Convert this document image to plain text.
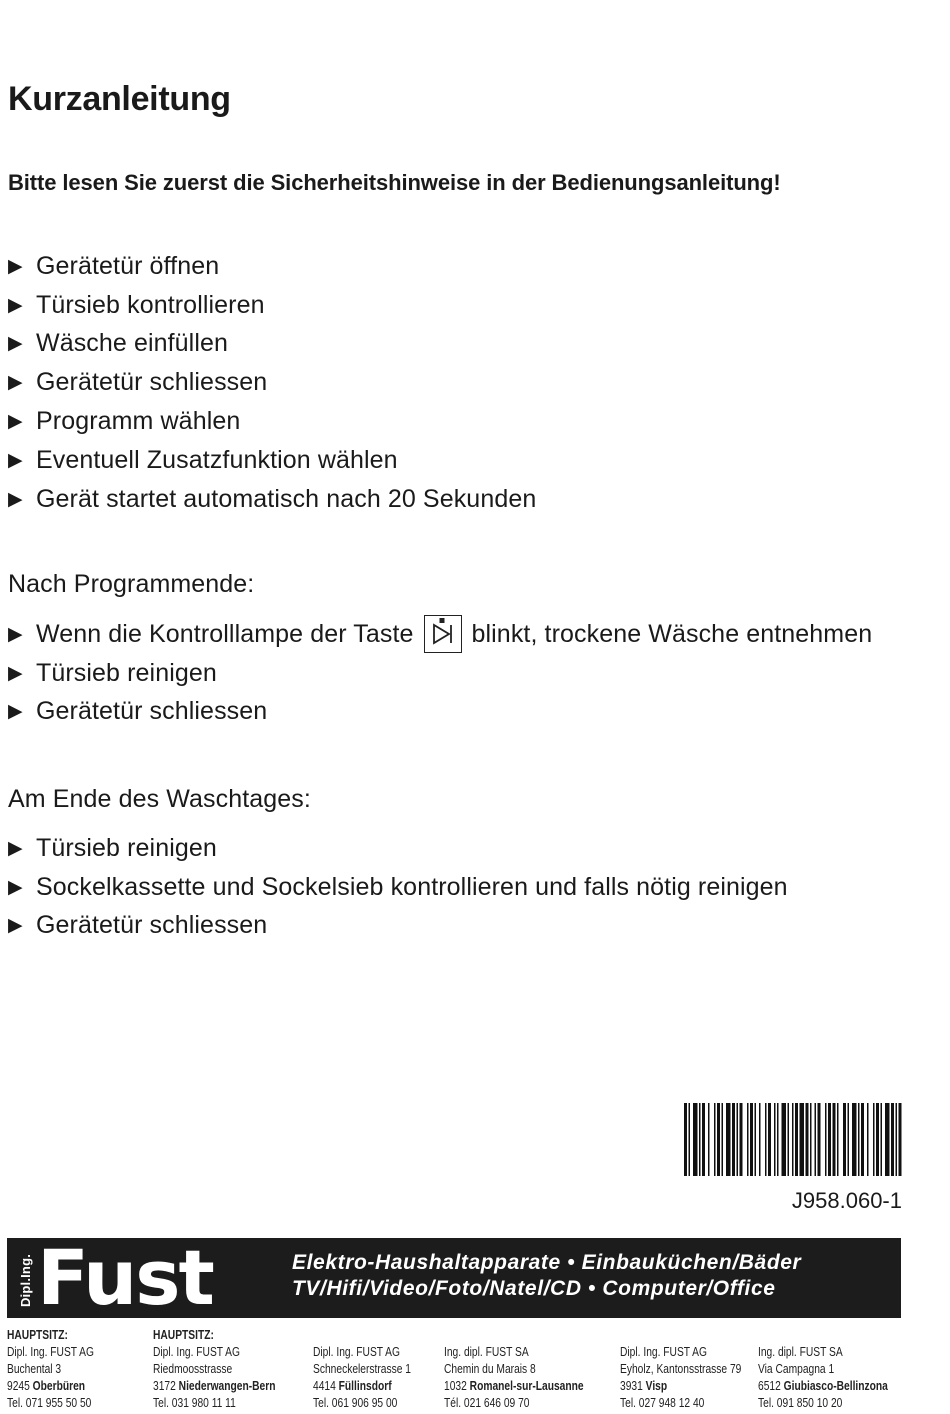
Kurzanleitung

Bitte lesen Sie zuerst die Sicherheitshinweise in der Bedienungsanleitung!

▶ Gerätetür öffnen
▶ Türsieb kontrollieren
▶ Wäsche einfüllen
▶ Gerätetür schliessen
▶ Programm wählen
▶ Eventuell Zusatzfunktion wählen
▶ Gerät startet automatisch nach 20 Sekunden

Nach Programmende:

▶ Wenn die Kontrolllampe der Taste blinkt, trockene Wäsche entnehmen
▶ Türsieb reinigen
▶ Gerätetür schliessen

Am Ende des Waschtages:

▶ Türsieb reinigen
▶ Sockelkassette und Sockelsieb kontrollieren und falls nötig reinigen
▶ Gerätetür schliessen

J958.060-1

Dipl.Ing. Fust	Elektro-Haushaltapparate • Einbauküchen/Bäder
TV/Hifi/Video/Foto/Natel/CD • Computer/Office
HAUPTSITZ:
Dipl. Ing. FUST AG
Buchental 3
9245 Oberbüren
Tel. 071 955 50 50
HAUPTSITZ:
Dipl. Ing. FUST AG
Riedmoosstrasse
3172 Niederwangen-Bern
Tel. 031 980 11 11
Dipl. Ing. FUST AG
Schneckelerstrasse 1
4414 Füllinsdorf
Tel. 061 906 95 00
Ing. dipl. FUST SA
Chemin du Marais 8
1032 Romanel-sur-Lausanne
Tél. 021 646 09 70
Dipl. Ing. FUST AG
Eyholz, Kantonsstrasse 79
3931 Visp
Tel. 027 948 12 40
Ing. dipl. FUST SA
Via Campagna 1
6512 Giubiasco-Bellinzona
Tel. 091 850 10 20
